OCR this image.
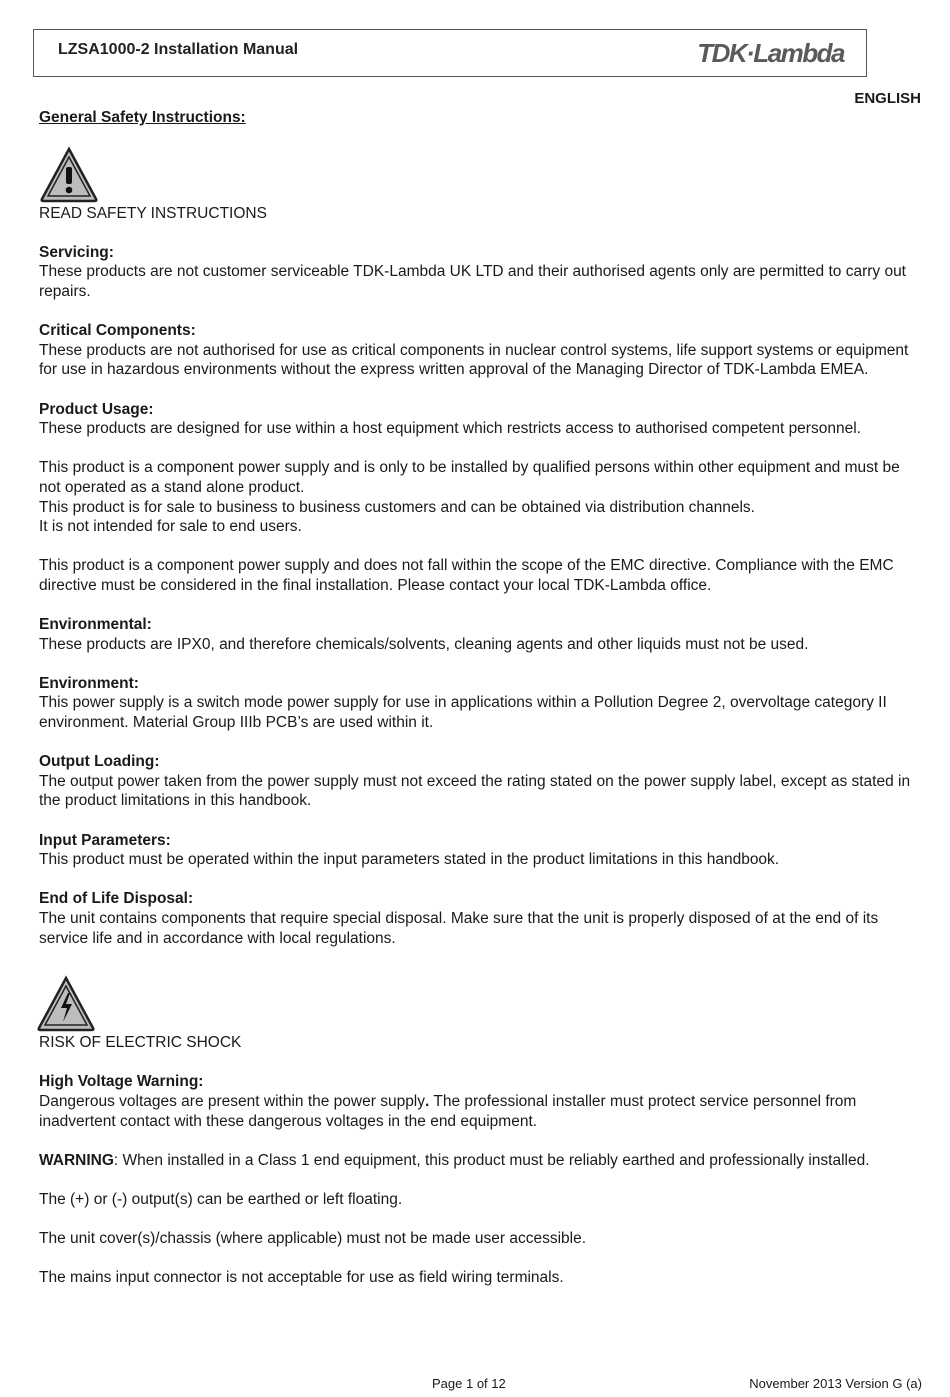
LZSA1000-2 Installation Manual	TDK·Lambda
ENGLISH

General Safety Instructions:

READ SAFETY INSTRUCTIONS

Servicing:

These products are not customer serviceable TDK-Lambda UK LTD and their authorised agents only are permitted to carry out repairs.

Critical Components:

These products are not authorised for use as critical components in nuclear control systems, life support systems or equipment for use in hazardous environments without the express written approval of the Managing Director of TDK-Lambda EMEA.

Product Usage:

These products are designed for use within a host equipment which restricts access to authorised competent personnel.

This product is a component power supply and is only to be installed by qualified persons within other equipment and must be not operated as a stand alone product.

This product is for sale to business to business customers and can be obtained via distribution channels.

It is not intended for sale to end users.

This product is a component power supply and does not fall within the scope of the EMC directive. Compliance with the EMC directive must be considered in the final installation. Please contact your local TDK-Lambda office.

Environmental:

These products are IPX0, and therefore chemicals/solvents, cleaning agents and other liquids must not be used.

Environment:

This power supply is a switch mode power supply for use in applications within a Pollution Degree 2, overvoltage category II environment. Material Group IIIb PCB’s are used within it.

Output Loading:

The output power taken from the power supply must not exceed the rating stated on the power supply label, except as stated in the product limitations in this handbook.

Input Parameters:

This product must be operated within the input parameters stated in the product limitations in this handbook.

End of Life Disposal:

The unit contains components that require special disposal. Make sure that the unit is properly disposed of at the end of its service life and in accordance with local regulations.

RISK OF ELECTRIC SHOCK

High Voltage Warning:

Dangerous voltages are present within the power supply. The professional installer must protect service personnel from inadvertent contact with these dangerous voltages in the end equipment.

WARNING: When installed in a Class 1 end equipment, this product must be reliably earthed and professionally installed.

The (+) or (-) output(s) can be earthed or left floating.

The unit cover(s)/chassis (where applicable) must not be made user accessible.

The mains input connector is not acceptable for use as field wiring terminals.

Page 1 of 12	November 2013 Version G (a)
